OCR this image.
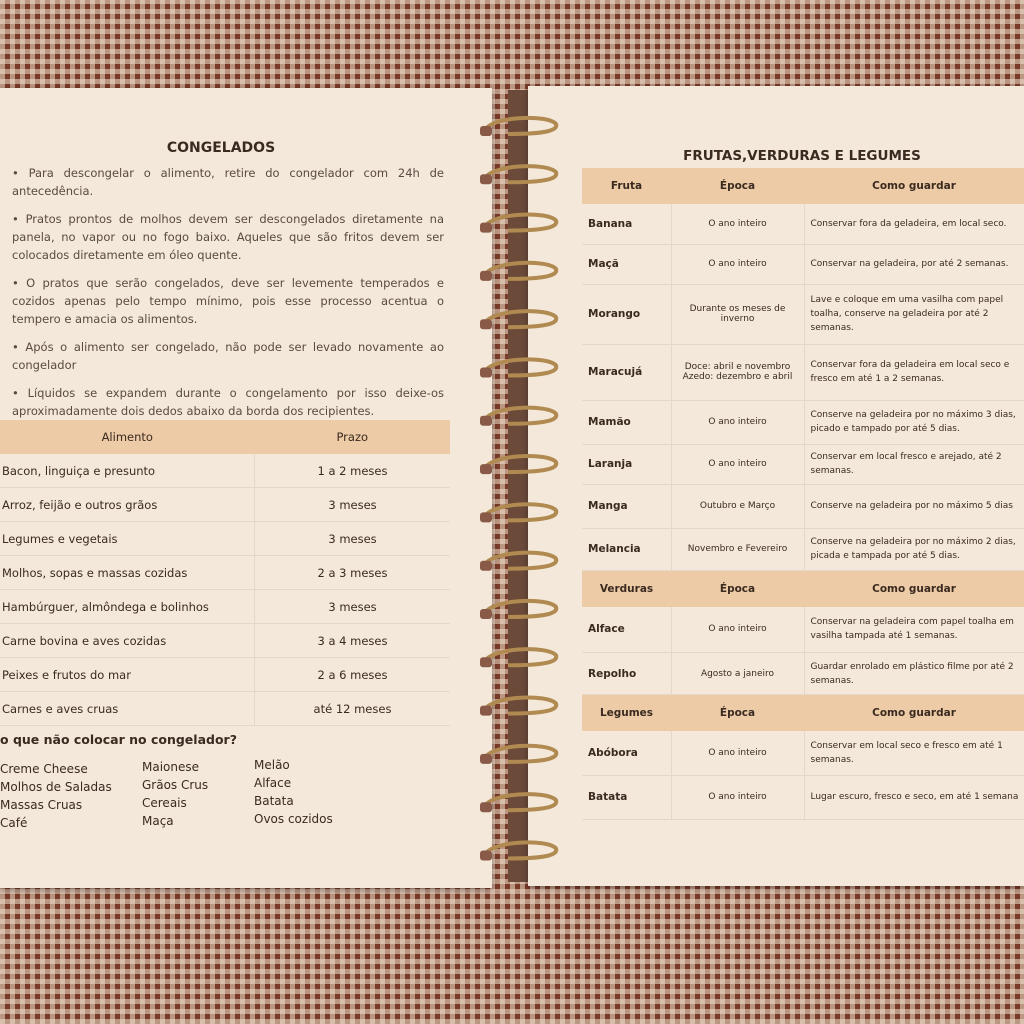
CONGELADOS

• Para descongelar o alimento, retire do congelador com 24h de antecedência.

• Pratos prontos de molhos devem ser descongelados diretamente na panela, no vapor ou no fogo baixo. Aqueles que são fritos devem ser colocados diretamente em óleo quente.

• O pratos que serão congelados, deve ser levemente temperados e cozidos apenas pelo tempo mínimo, pois esse processo acentua o tempero e amacia os alimentos.

• Após o alimento ser congelado, não pode ser levado novamente ao congelador

• Líquidos se expandem durante o congelamento por isso deixe-os aproximadamente dois dedos abaixo da borda dos recipientes.

Alimento	Prazo
Bacon, linguiça e presunto	1 a 2 meses
Arroz, feijão e outros grãos	3 meses
Legumes e vegetais	3 meses
Molhos, sopas e massas cozidas	2 a 3 meses
Hambúrguer, almôndega e bolinhos	3 meses
Carne bovina e aves cozidas	3 a 4 meses
Peixes e frutos do mar	2 a 6 meses
Carnes e aves cruas	até 12 meses
o que não colocar no congelador?
Creme Cheese
Molhos de Saladas
Massas Cruas
Café
Maionese
Grãos Crus
Cereais
Maça
Melão
Alface
Batata
Ovos cozidos
FRUTAS,VERDURAS E LEGUMES
Fruta	Época	Como guardar
Banana	O ano inteiro	Conservar fora da geladeira, em local seco.
Maçã	O ano inteiro	Conservar na geladeira, por até 2 semanas.
Morango	Durante os meses de inverno	Lave e coloque em uma vasilha com papel toalha, conserve na geladeira por até 2 semanas.
Maracujá	Doce: abril e novembro Azedo: dezembro e abril	Conservar fora da geladeira em local seco e fresco em até 1 a 2 semanas.
Mamão	O ano inteiro	Conserve na geladeira por no máximo 3 dias, picado e tampado por até 5 dias.
Laranja	O ano inteiro	Conservar em local fresco e arejado, até 2 semanas.
Manga	Outubro e Março	Conserve na geladeira por no máximo 5 dias
Melancia	Novembro e Fevereiro	Conserve na geladeira por no máximo 2 dias, picada e tampada por até 5 dias.
Verduras	Época	Como guardar
Alface	O ano inteiro	Conservar na geladeira com papel toalha em vasilha tampada até 1 semanas.
Repolho	Agosto a janeiro	Guardar enrolado em plástico filme por até 2 semanas.
Legumes	Época	Como guardar
Abóbora	O ano inteiro	Conservar em local seco e fresco em até 1 semanas.
Batata	O ano inteiro	Lugar escuro, fresco e seco, em até 1 semana
